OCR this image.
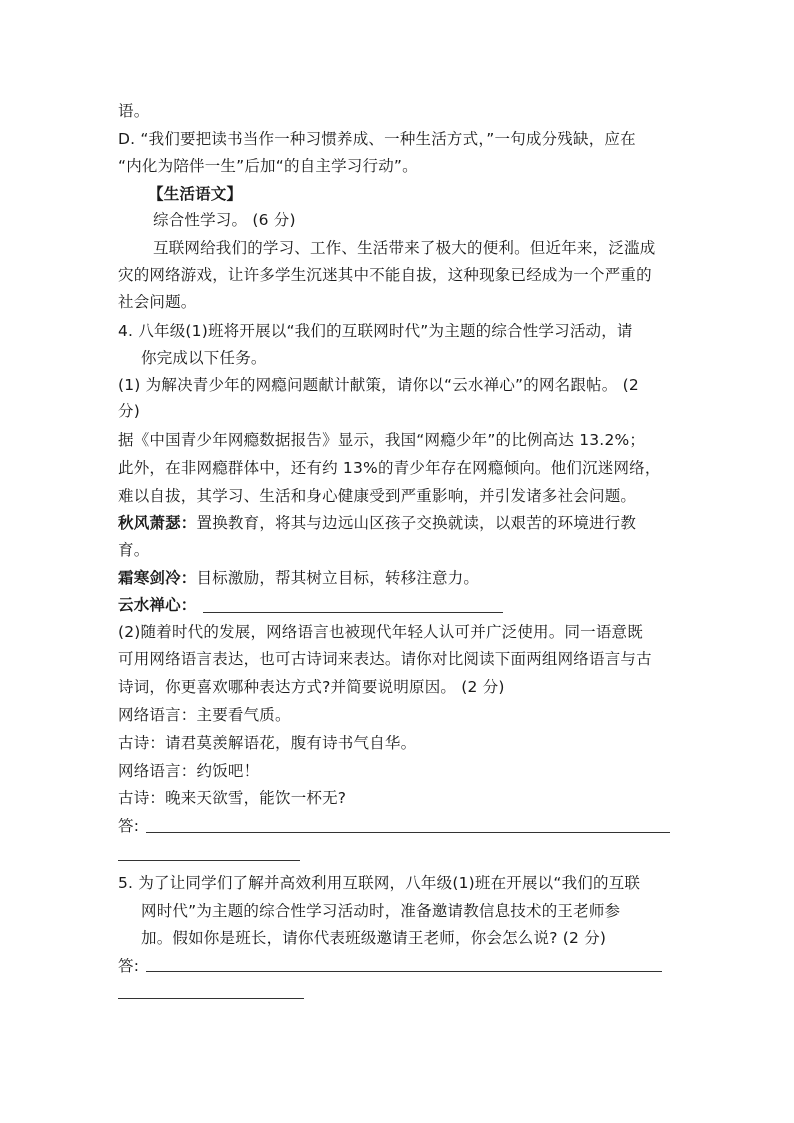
语。
D. “我们要把读书当作一种习惯养成、一种生活方式，”一句成分残缺，应在
“内化为陪伴一生”后加“的自主学习行动”。
【生活语文】
综合性学习。 (6 分)
互联网给我们的学习、工作、生活带来了极大的便利。但近年来，泛滥成
灾的网络游戏，让许多学生沉迷其中不能自拔，这种现象已经成为一个严重的
社会问题。
4. 八年级(1)班将开展以“我们的互联网时代”为主题的综合性学习活动，请
你完成以下任务。
(1) 为解决青少年的网瘾问题献计献策，请你以“云水禅心”的网名跟帖。 (2
分)
据《中国青少年网瘾数据报告》显示，我国“网瘾少年”的比例高达 13.2%；
此外，在非网瘾群体中，还有约 13%的青少年存在网瘾倾向。他们沉迷网络，
难以自拔，其学习、生活和身心健康受到严重影响，并引发诸多社会问题。
秋风萧瑟：置换教育，将其与边远山区孩子交换就读，以艰苦的环境进行教
育。
霜寒剑冷：目标激励，帮其树立目标，转移注意力。
云水禅心：
(2)随着时代的发展，网络语言也被现代年轻人认可并广泛使用。同一语意既
可用网络语言表达，也可古诗词来表达。请你对比阅读下面两组网络语言与古
诗词，你更喜欢哪种表达方式?并简要说明原因。 (2 分)
网络语言：主要看气质。
古诗：请君莫羡解语花，腹有诗书气自华。
网络语言：约饭吧！
古诗：晚来天欲雪，能饮一杯无?
答:
5. 为了让同学们了解并高效利用互联网，八年级(1)班在开展以“我们的互联
网时代”为主题的综合性学习活动时，准备邀请教信息技术的王老师参
加。假如你是班长，请你代表班级邀请王老师，你会怎么说? (2 分)
答:
